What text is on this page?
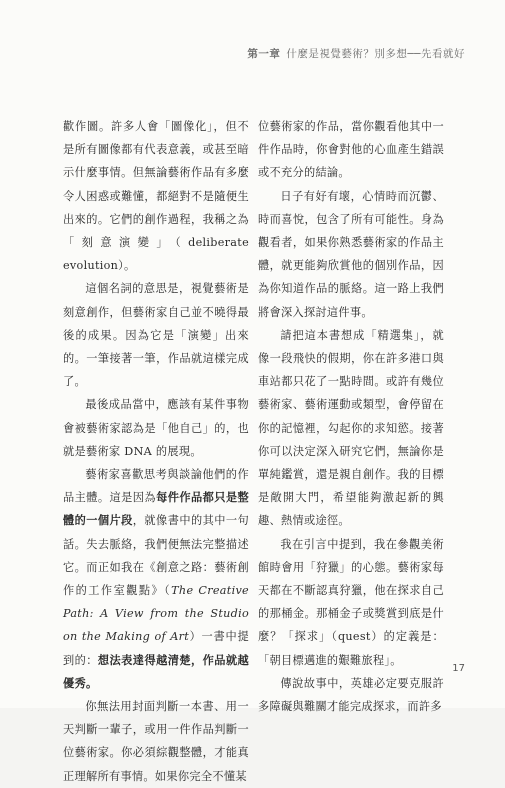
第一章 什麼是視覺藝術？別多想──先看就好

歡作圖。許多人會「圖像化」，但不是所有圖像都有代表意義，或甚至暗示什麼事情。但無論藝術作品有多麼令人困惑或難懂，都絕對不是隨便生出來的。它們的創作過程，我稱之為「刻意演變」（deliberate evolution）。

這個名詞的意思是，視覺藝術是刻意創作，但藝術家自己並不曉得最後的成果。因為它是「演變」出來的。一筆接著一筆，作品就這樣完成了。

最後成品當中，應該有某件事物會被藝術家認為是「他自己」的，也就是藝術家 DNA 的展現。

藝術家喜歡思考與談論他們的作品主體。這是因為每件作品都只是整體的一個片段，就像書中的其中一句話。失去脈絡，我們便無法完整描述它。而正如我在《創意之路：藝術創作的工作室觀點》（The Creative Path: A View from the Studio on the Making of Art）一書中提到的：想法表達得越清楚，作品就越優秀。

你無法用封面判斷一本書、用一天判斷一輩子，或用一件作品判斷一位藝術家。你必須綜觀整體，才能真正理解所有事情。如果你完全不懂某

位藝術家的作品，當你觀看他其中一件作品時，你會對他的心血產生錯誤或不充分的結論。

日子有好有壞，心情時而沉鬱、時而喜悅，包含了所有可能性。身為觀看者，如果你熟悉藝術家的作品主體，就更能夠欣賞他的個別作品，因為你知道作品的脈絡。這一路上我們將會深入探討這件事。

請把這本書想成「精選集」，就像一段飛快的假期，你在許多港口與車站都只花了一點時間。或許有幾位藝術家、藝術運動或類型，會停留在你的記憶裡，勾起你的求知慾。接著你可以決定深入研究它們，無論你是單純鑑賞，還是親自創作。我的目標是敞開大門，希望能夠激起新的興趣、熱情或途徑。

我在引言中提到，我在參觀美術館時會用「狩獵」的心態。藝術家每天都在不斷認真狩獵，他在探求自己的那桶金。那桶金子或獎賞到底是什麼？「探求」（quest）的定義是：「朝目標邁進的艱難旅程」。

傳說故事中，英雄必定要克服許多障礙與難關才能完成探求，而許多

17
